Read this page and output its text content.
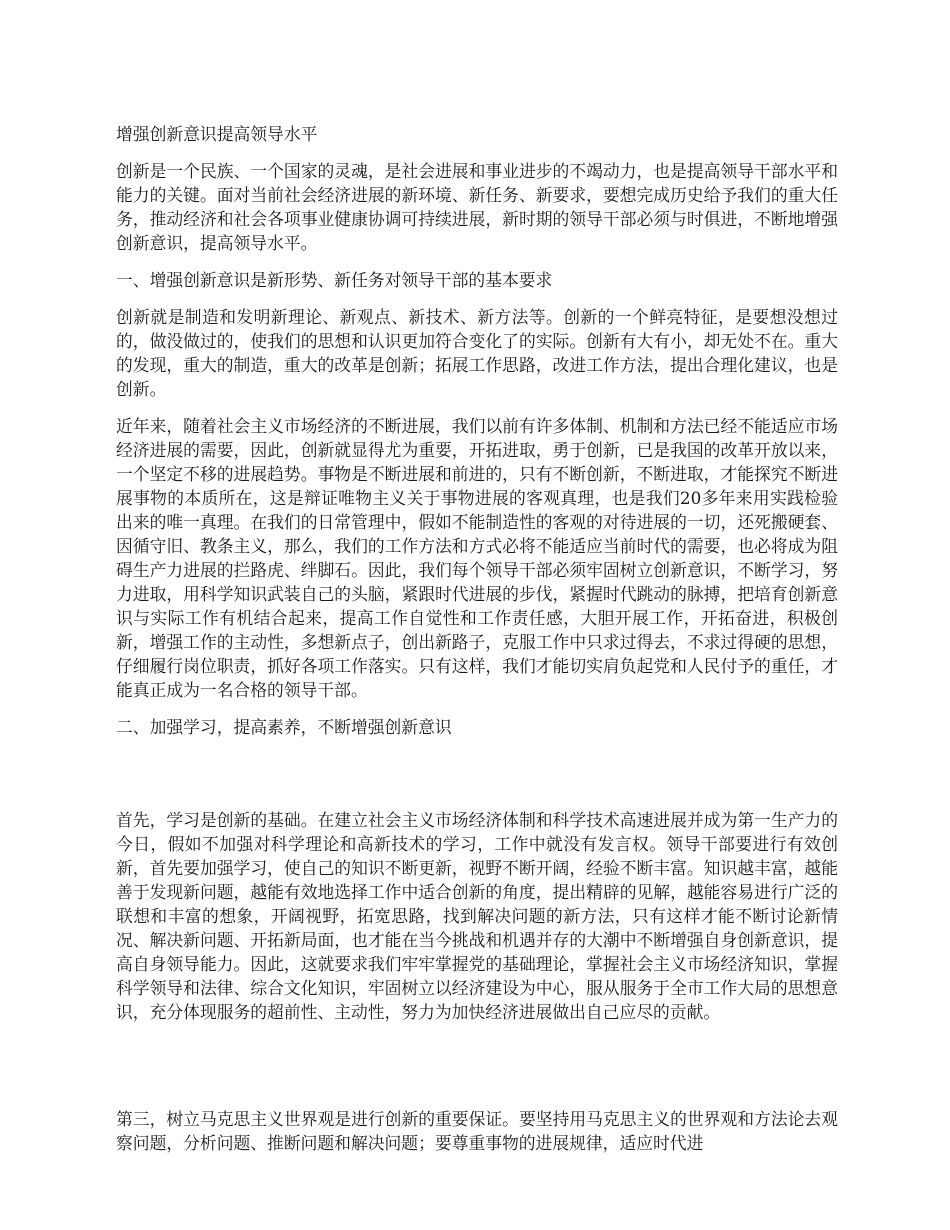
增强创新意识提高领导水平

创新是一个民族、一个国家的灵魂，是社会进展和事业进步的不竭动力，也是提高领导干部水平和能力的关键。面对当前社会经济进展的新环境、新任务、新要求，要想完成历史给予我们的重大任务，推动经济和社会各项事业健康协调可持续进展，新时期的领导干部必须与时俱进，不断地增强创新意识，提高领导水平。

一、增强创新意识是新形势、新任务对领导干部的基本要求

创新就是制造和发明新理论、新观点、新技术、新方法等。创新的一个鲜亮特征，是要想没想过的，做没做过的，使我们的思想和认识更加符合变化了的实际。创新有大有小，却无处不在。重大的发现，重大的制造，重大的改革是创新；拓展工作思路，改进工作方法，提出合理化建议，也是创新。

近年来，随着社会主义市场经济的不断进展，我们以前有许多体制、机制和方法已经不能适应市场经济进展的需要，因此，创新就显得尤为重要，开拓进取，勇于创新，已是我国的改革开放以来，一个坚定不移的进展趋势。事物是不断进展和前进的，只有不断创新，不断进取，才能探究不断进展事物的本质所在，这是辩证唯物主义关于事物进展的客观真理，也是我们20多年来用实践检验出来的唯一真理。在我们的日常管理中，假如不能制造性的客观的对待进展的一切，还死搬硬套、因循守旧、教条主义，那么，我们的工作方法和方式必将不能适应当前时代的需要，也必将成为阻碍生产力进展的拦路虎、绊脚石。因此，我们每个领导干部必须牢固树立创新意识，不断学习，努力进取，用科学知识武装自己的头脑，紧跟时代进展的步伐，紧握时代跳动的脉搏，把培育创新意识与实际工作有机结合起来，提高工作自觉性和工作责任感，大胆开展工作，开拓奋进，积极创新，增强工作的主动性，多想新点子，创出新路子，克服工作中只求过得去，不求过得硬的思想，仔细履行岗位职责，抓好各项工作落实。只有这样，我们才能切实肩负起党和人民付予的重任，才能真正成为一名合格的领导干部。

二、加强学习，提高素养，不断增强创新意识

首先，学习是创新的基础。在建立社会主义市场经济体制和科学技术高速进展并成为第一生产力的今日，假如不加强对科学理论和高新技术的学习，工作中就没有发言权。领导干部要进行有效创新，首先要加强学习，使自己的知识不断更新，视野不断开阔，经验不断丰富。知识越丰富，越能善于发现新问题，越能有效地选择工作中适合创新的角度，提出精辟的见解，越能容易进行广泛的联想和丰富的想象，开阔视野，拓宽思路，找到解决问题的新方法，只有这样才能不断讨论新情况、解决新问题、开拓新局面，也才能在当今挑战和机遇并存的大潮中不断增强自身创新意识，提高自身领导能力。因此，这就要求我们牢牢掌握党的基础理论，掌握社会主义市场经济知识，掌握科学领导和法律、综合文化知识，牢固树立以经济建设为中心，服从服务于全市工作大局的思想意识，充分体现服务的超前性、主动性，努力为加快经济进展做出自己应尽的贡献。

第三，树立马克思主义世界观是进行创新的重要保证。要坚持用马克思主义的世界观和方法论去观察问题，分析问题、推断问题和解决问题；要尊重事物的进展规律，适应时代进
